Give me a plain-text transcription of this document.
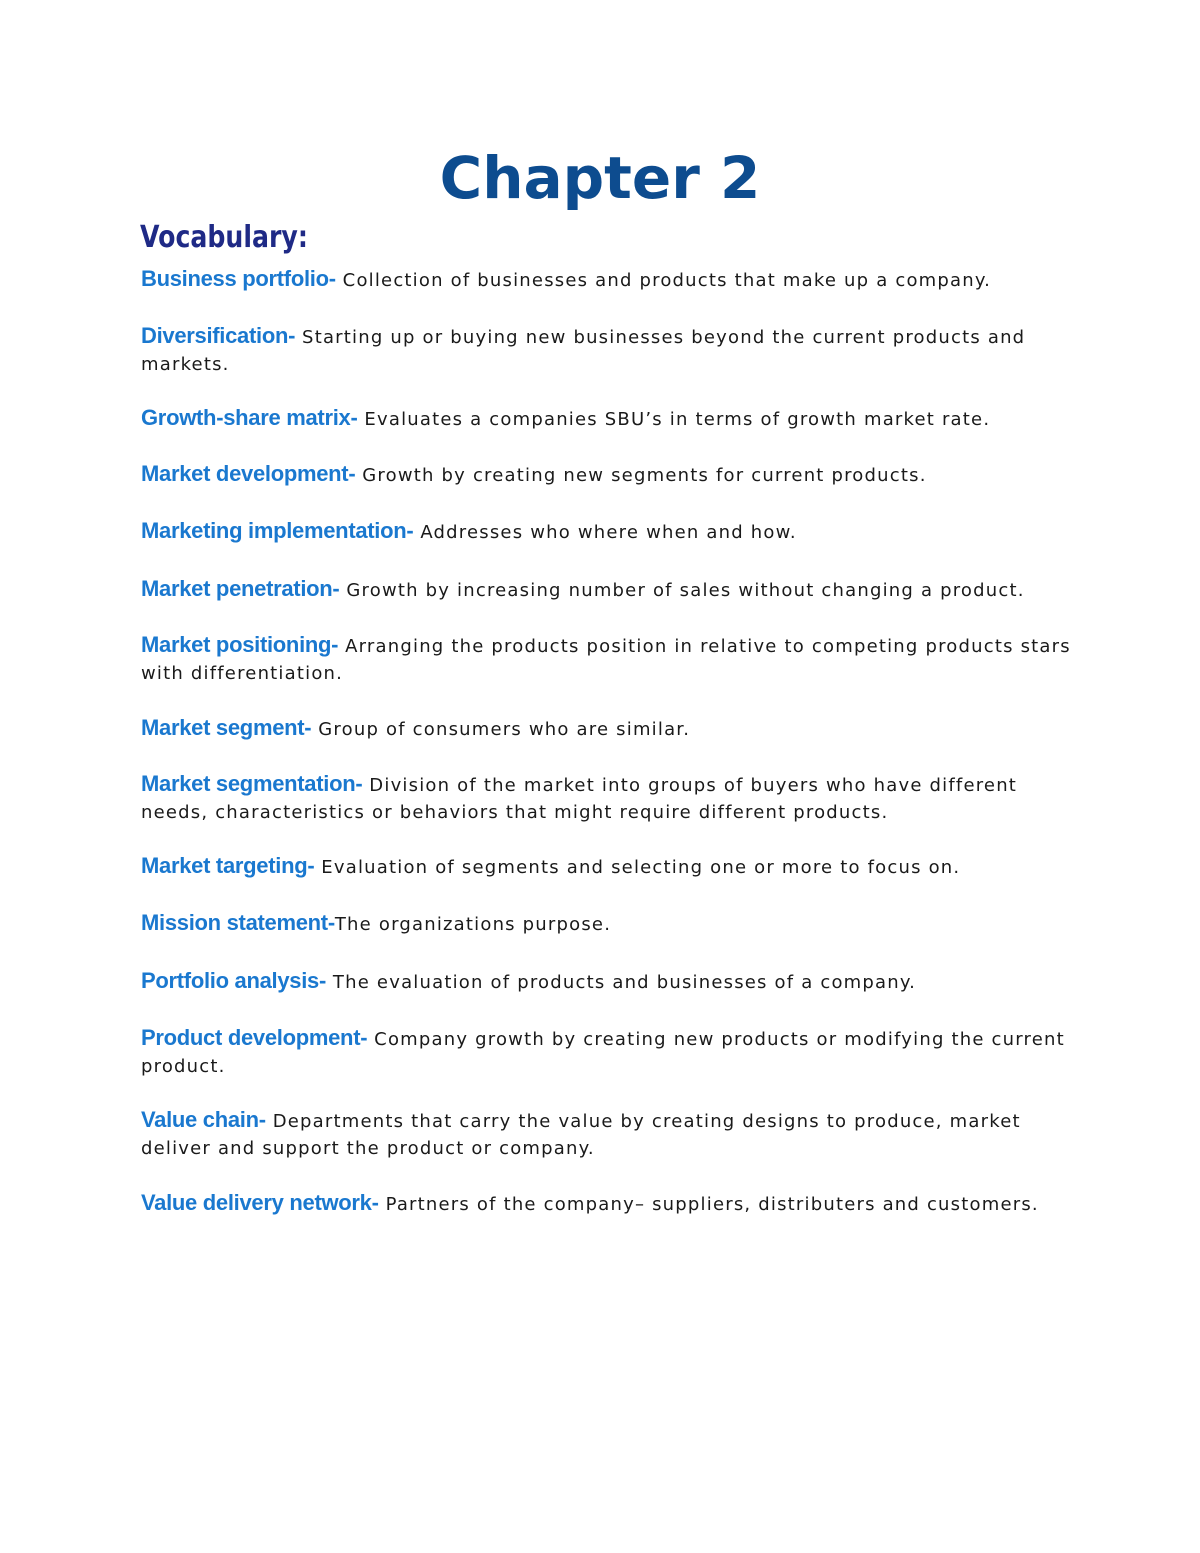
Chapter 2
Vocabulary:

Business portfolio- Collection of businesses and products that make up a company.

Diversification- Starting up or buying new businesses beyond the current products and markets.

Growth-share matrix- Evaluates a companies SBU’s in terms of growth market rate.

Market development- Growth by creating new segments for current products.

Marketing implementation- Addresses who where when and how.

Market penetration- Growth by increasing number of sales without changing a product.

Market positioning- Arranging the products position in relative to competing products stars with differentiation.

Market segment- Group of consumers who are similar.

Market segmentation- Division of the market into groups of buyers who have different needs, characteristics or behaviors that might require different products.

Market targeting- Evaluation of segments and selecting one or more to focus on.

Mission statement-The organizations purpose.

Portfolio analysis- The evaluation of products and businesses of a company.

Product development- Company growth by creating new products or modifying the current product.

Value chain- Departments that carry the value by creating designs to produce, market deliver and support the product or company.

Value delivery network- Partners of the company– suppliers, distributers and customers.
